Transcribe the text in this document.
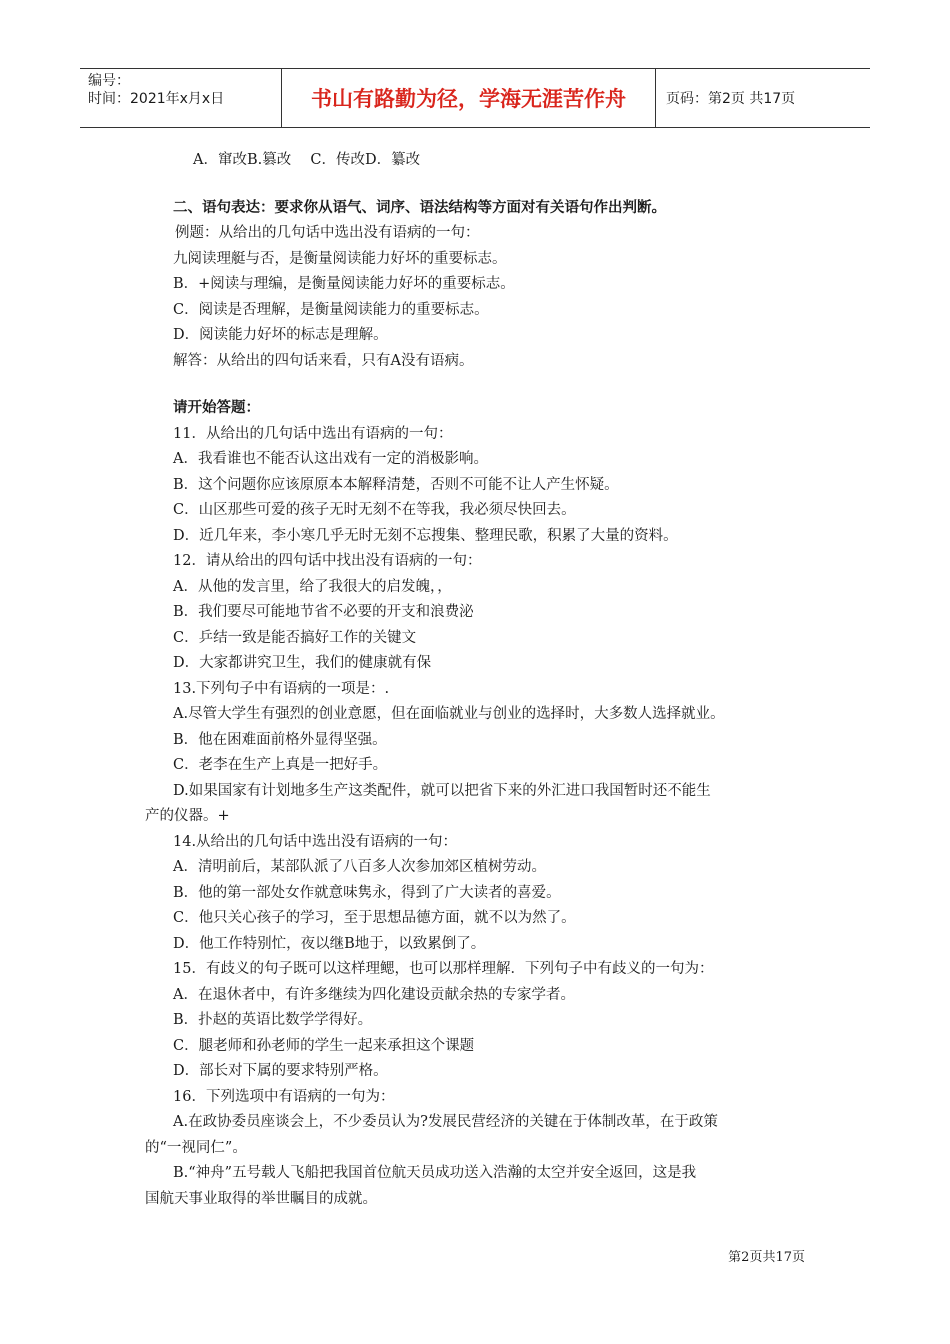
编号：
时间：2021年x月x日	书山有路勤为径，学海无涯苦作舟	页码：第2页 共17页
A．窜改B.篡改　 C．传改D．纂改
二、语句表达：要求你从语气、词序、语法结构等方面对有关语句作出判断。
例题：从给出的几句话中选出没有语病的一句：
九阅读理艇与否，是衡量阅读能力好坏的重要标志。
B．+阅读与理编，是衡量阅读能力好坏的重要标志。
C．阅读是否理解，是衡量阅读能力的重要标志。
D．阅读能力好坏的标志是理解。
解答：从给出的四句话来看，只有A没有语病。
请开始答题：
11．从给出的几句话中选出有语病的一句：
A．我看谁也不能否认这出戏有一定的消极影响。
B．这个问题你应该原原本本解释清楚，否则不可能不让人产生怀疑。
C．山区那些可爱的孩子无时无刻不在等我，我必须尽快回去。
D．近几年来，李小寒几乎无时无刻不忘搜集、整理民歌，积累了大量的资料。
12．请从给出的四句话中找出没有语病的一句：
A．从他的发言里，给了我很大的启发魄，，
B．我们要尽可能地节省不必要的开支和浪费泌
C．乒结一致是能否搞好工作的关键文
D．大家都讲究卫生，我们的健康就有保
13.下列句子中有语病的一项是：.
A.尽管大学生有强烈的创业意愿，但在面临就业与创业的选择时，大多数人选择就业。
B．他在困难面前格外显得坚强。
C．老李在生产上真是一把好手。
D.如果国家有计划地多生产这类配件，就可以把省下来的外汇进口我国暂时还不能生
产的仪器。+
14.从给出的几句话中选出没有语病的一句：
A．清明前后，某部队派了八百多人次参加郊区植树劳动。
B．他的第一部处女作就意味隽永，得到了广大读者的喜爱。
C．他只关心孩子的学习，至于思想品德方面，就不以为然了。
D．他工作特别忙，夜以继B地于，以致累倒了。
15．有歧义的句子既可以这样理鳃，也可以那样理解．下列句子中有歧义的一句为：
A．在退休者中，有许多继续为四化建设贡献余热的专家学者。
B．扑赵的英语比数学学得好。
C．腿老师和孙老师的学生一起来承担这个课题
D．部长对下属的要求特别严格。
16．下列选项中有语病的一句为：
A.在政协委员座谈会上，不少委员认为?发展民营经济的关键在于体制改革，在于政策
的“一视同仁”。
B.“神舟”五号载人飞船把我国首位航天员成功送入浩瀚的太空并安全返回，这是我
国航天事业取得的举世瞩目的成就。
第2页共17页
